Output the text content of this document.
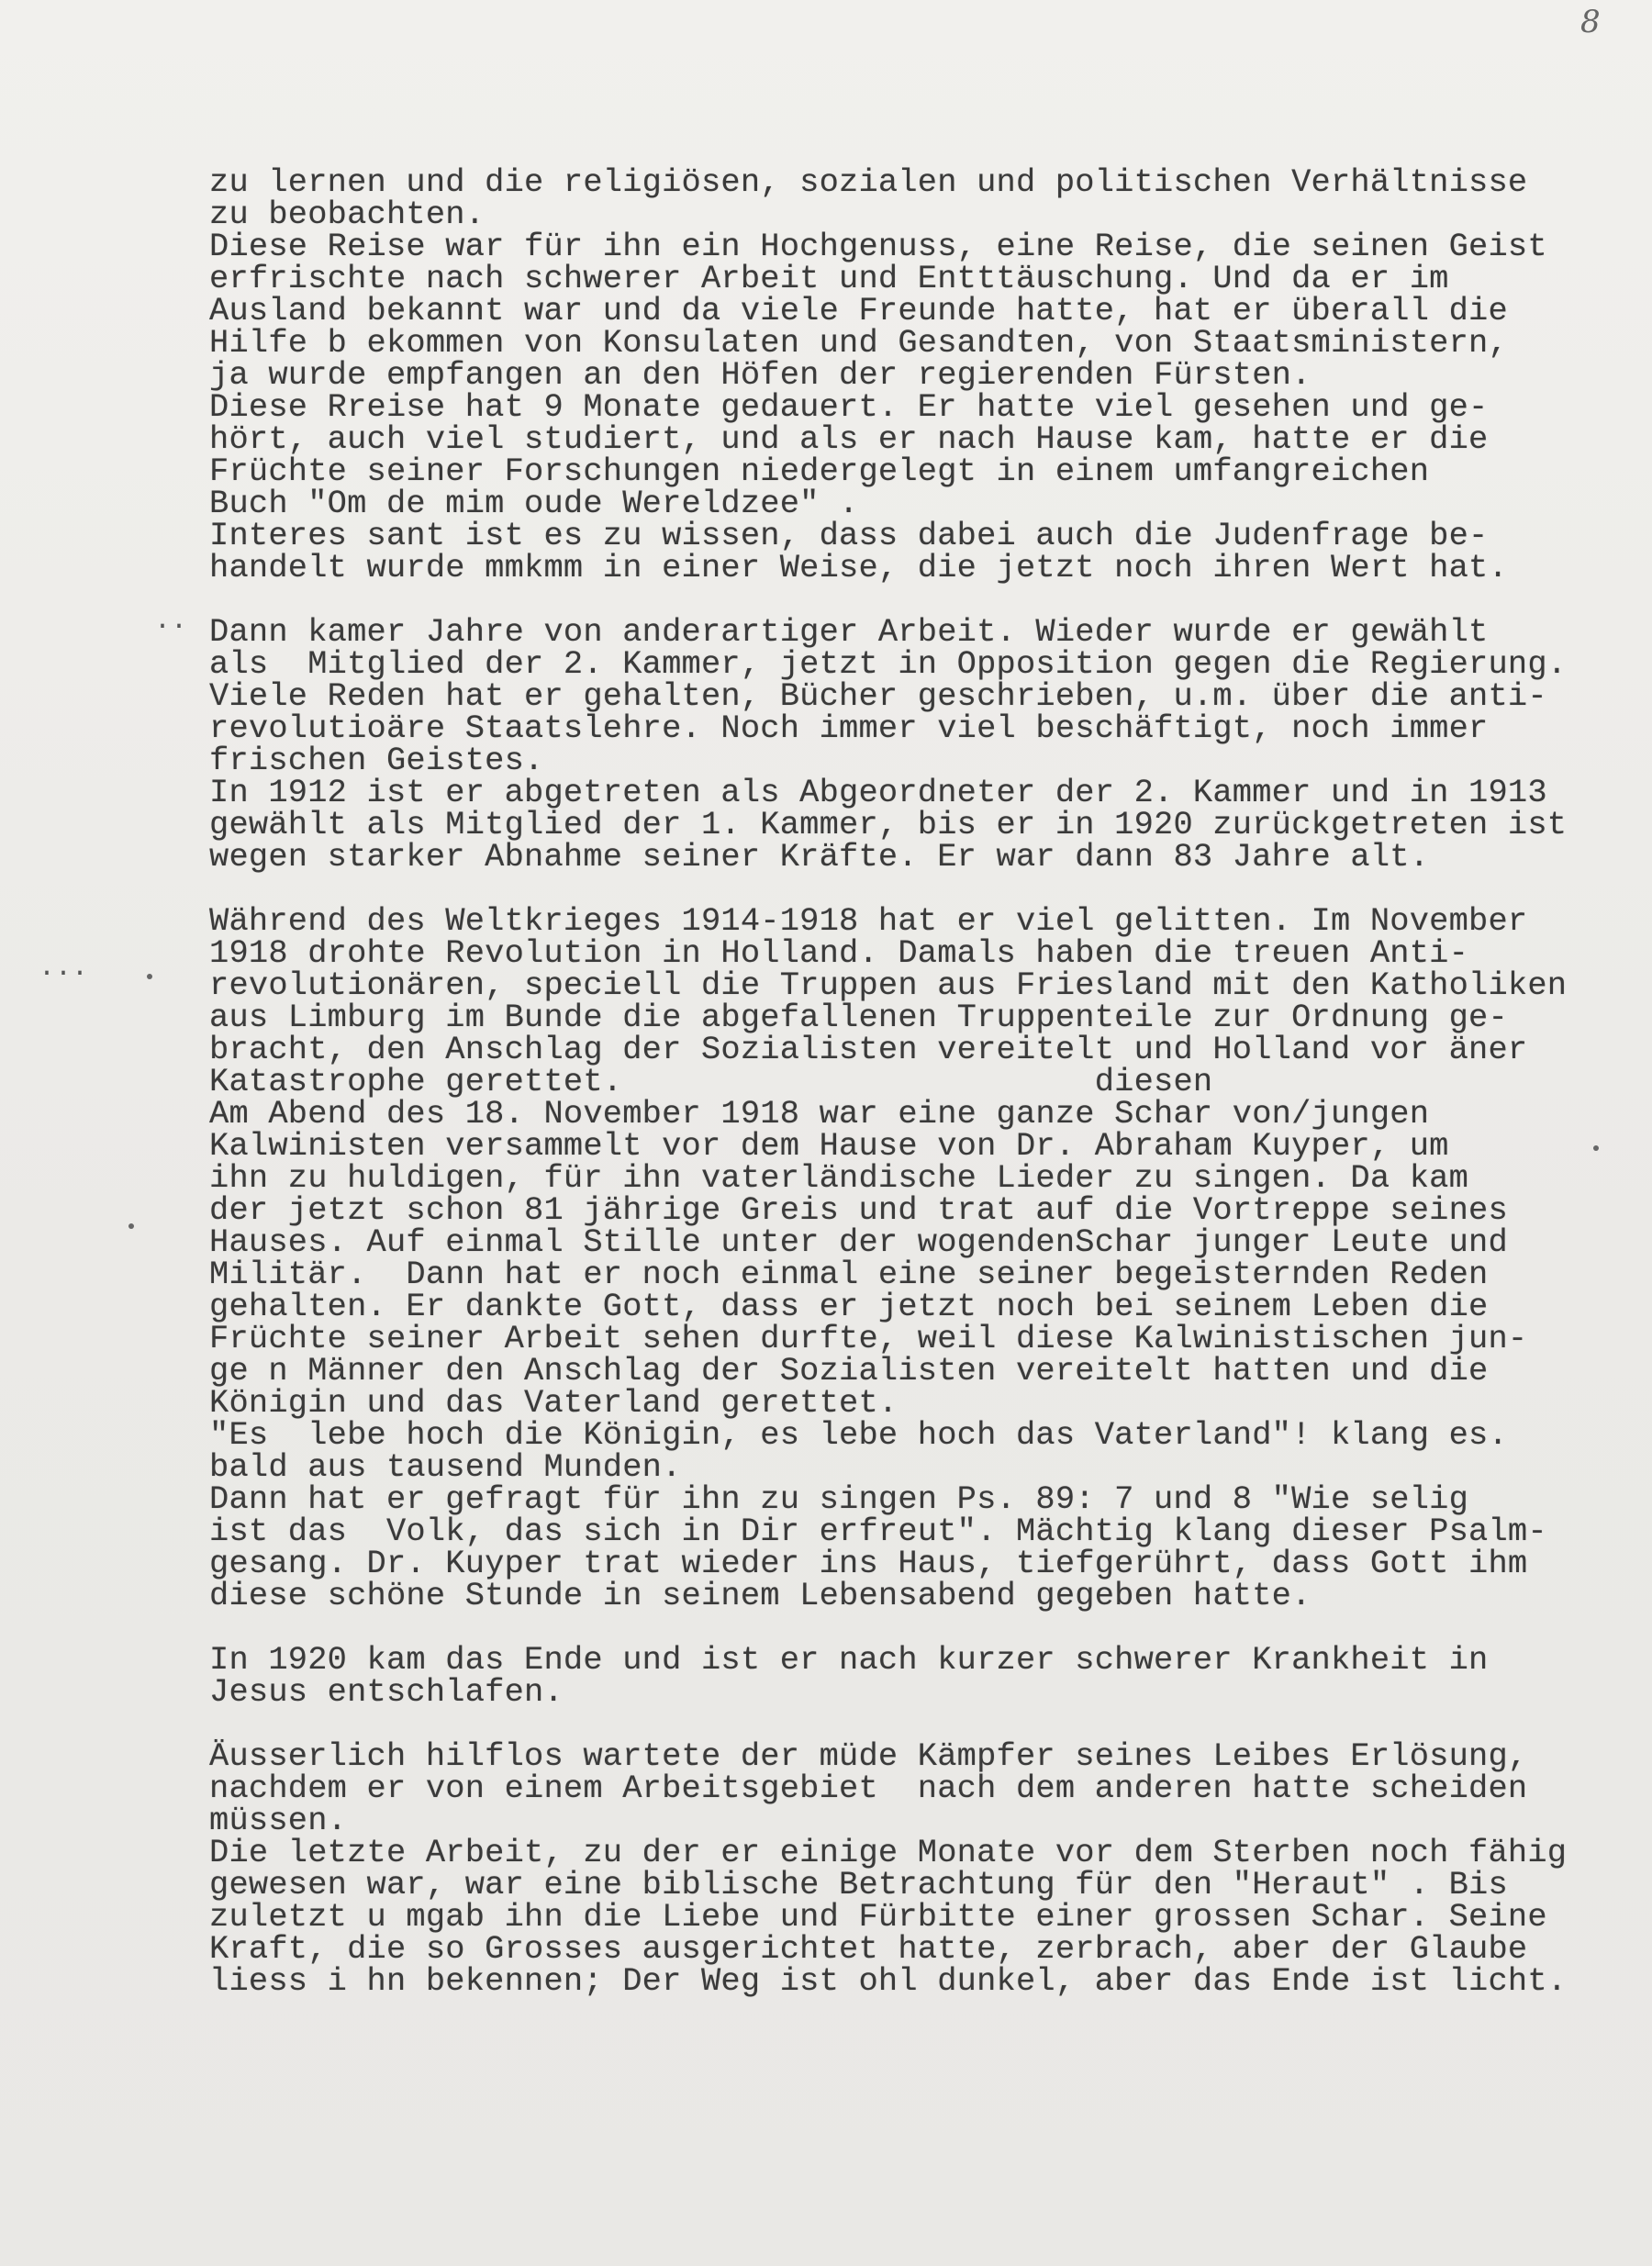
8
..
...
zu lernen und die religiösen, sozialen und politischen Verhältnisse
zu beobachten.
Diese Reise war für ihn ein Hochgenuss, eine Reise, die seinen Geist
erfrischte nach schwerer Arbeit und Entttäuschung. Und da er im
Ausland bekannt war und da viele Freunde hatte, hat er überall die
Hilfe b ekommen von Konsulaten und Gesandten, von Staatsministern,
ja wurde empfangen an den Höfen der regierenden Fürsten.
Diese Rreise hat 9 Monate gedauert. Er hatte viel gesehen und ge-
hört, auch viel studiert, und als er nach Hause kam, hatte er die
Früchte seiner Forschungen niedergelegt in einem umfangreichen
Buch "Om de mim oude Wereldzee" .
Interes sant ist es zu wissen, dass dabei auch die Judenfrage be-
handelt wurde mmkmm in einer Weise, die jetzt noch ihren Wert hat.
Dann kamer Jahre von anderartiger Arbeit. Wieder wurde er gewählt
als  Mitglied der 2. Kammer, jetzt in Opposition gegen die Regierung.
Viele Reden hat er gehalten, Bücher geschrieben, u.m. über die anti-
revolutioäre Staatslehre. Noch immer viel beschäftigt, noch immer
frischen Geistes.
In 1912 ist er abgetreten als Abgeordneter der 2. Kammer und in 1913
gewählt als Mitglied der 1. Kammer, bis er in 1920 zurückgetreten ist
wegen starker Abnahme seiner Kräfte. Er war dann 83 Jahre alt.
Während des Weltkrieges 1914-1918 hat er viel gelitten. Im November
1918 drohte Revolution in Holland. Damals haben die treuen Anti-
revolutionären, speciell die Truppen aus Friesland mit den Katholiken
aus Limburg im Bunde die abgefallenen Truppenteile zur Ordnung ge-
bracht, den Anschlag der Sozialisten vereitelt und Holland vor äner
Katastrophe gerettet.                        diesen
Am Abend des 18. November 1918 war eine ganze Schar von/jungen
Kalwinisten versammelt vor dem Hause von Dr. Abraham Kuyper, um
ihn zu huldigen, für ihn vaterländische Lieder zu singen. Da kam
der jetzt schon 81 jährige Greis und trat auf die Vortreppe seines
Hauses. Auf einmal Stille unter der wogendenSchar junger Leute und
Militär.  Dann hat er noch einmal eine seiner begeisternden Reden
gehalten. Er dankte Gott, dass er jetzt noch bei seinem Leben die
Früchte seiner Arbeit sehen durfte, weil diese Kalwinistischen jun-
ge n Männer den Anschlag der Sozialisten vereitelt hatten und die
Königin und das Vaterland gerettet.
"Es  lebe hoch die Königin, es lebe hoch das Vaterland"! klang es.
bald aus tausend Munden.
Dann hat er gefragt für ihn zu singen Ps. 89: 7 und 8 "Wie selig
ist das  Volk, das sich in Dir erfreut". Mächtig klang dieser Psalm-
gesang. Dr. Kuyper trat wieder ins Haus, tiefgerührt, dass Gott ihm
diese schöne Stunde in seinem Lebensabend gegeben hatte.
In 1920 kam das Ende und ist er nach kurzer schwerer Krankheit in
Jesus entschlafen.
Äusserlich hilflos wartete der müde Kämpfer seines Leibes Erlösung,
nachdem er von einem Arbeitsgebiet  nach dem anderen hatte scheiden
müssen.
Die letzte Arbeit, zu der er einige Monate vor dem Sterben noch fähig
gewesen war, war eine biblische Betrachtung für den "Heraut" . Bis
zuletzt u mgab ihn die Liebe und Fürbitte einer grossen Schar. Seine
Kraft, die so Grosses ausgerichtet hatte, zerbrach, aber der Glaube
liess i hn bekennen; Der Weg ist ohl dunkel, aber das Ende ist licht.
